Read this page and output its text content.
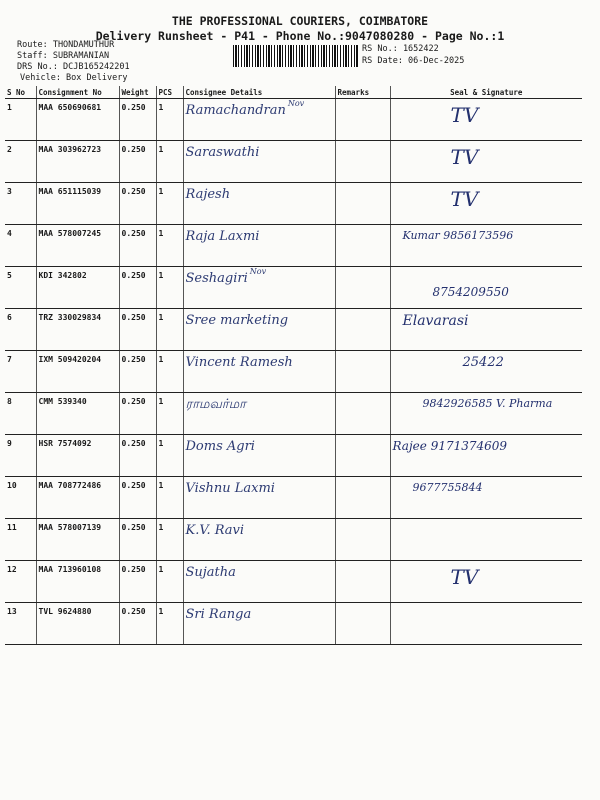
THE PROFESSIONAL COURIERS, COIMBATORE
Delivery Runsheet - P41 - Phone No.:9047080280 - Page No.:1
Route: THONDAMUTHUR
Staff: SUBRAMANIAN
DRS No.: DCJB165242201
Vehicle: Box Delivery
RS No.: 1652422
RS Date: 06-Dec-2025
S No	Consignment No	Weight	PCS	Consignee Details	Remarks	Seal & Signature
1	MAA 650690681	0.250	1	Ramachandran Nov		TV

2	MAA 303962723	0.250	1	Saraswathi		TV

3	MAA 651115039	0.250	1	Rajesh		TV

4	MAA 578007245	0.250	1	Raja Laxmi		Kumar 9856173596

5	KDI 342802	0.250	1	Seshagiri Nov		8754209550

6	TRZ 330029834	0.250	1	Sree marketing		Elavarasi

7	IXM 509420204	0.250	1	Vincent Ramesh		25422

8	CMM 539340	0.250	1	ராமவர்மா		9842926585 V. Pharma

9	HSR 7574092	0.250	1	Doms Agri		Rajee 9171374609

10	MAA 708772486	0.250	1	Vishnu Laxmi		9677755844

11	MAA 578007139	0.250	1	K.V. Ravi		

12	MAA 713960108	0.250	1	Sujatha		TV

13	TVL 9624880	0.250	1	Sri Ranga		
